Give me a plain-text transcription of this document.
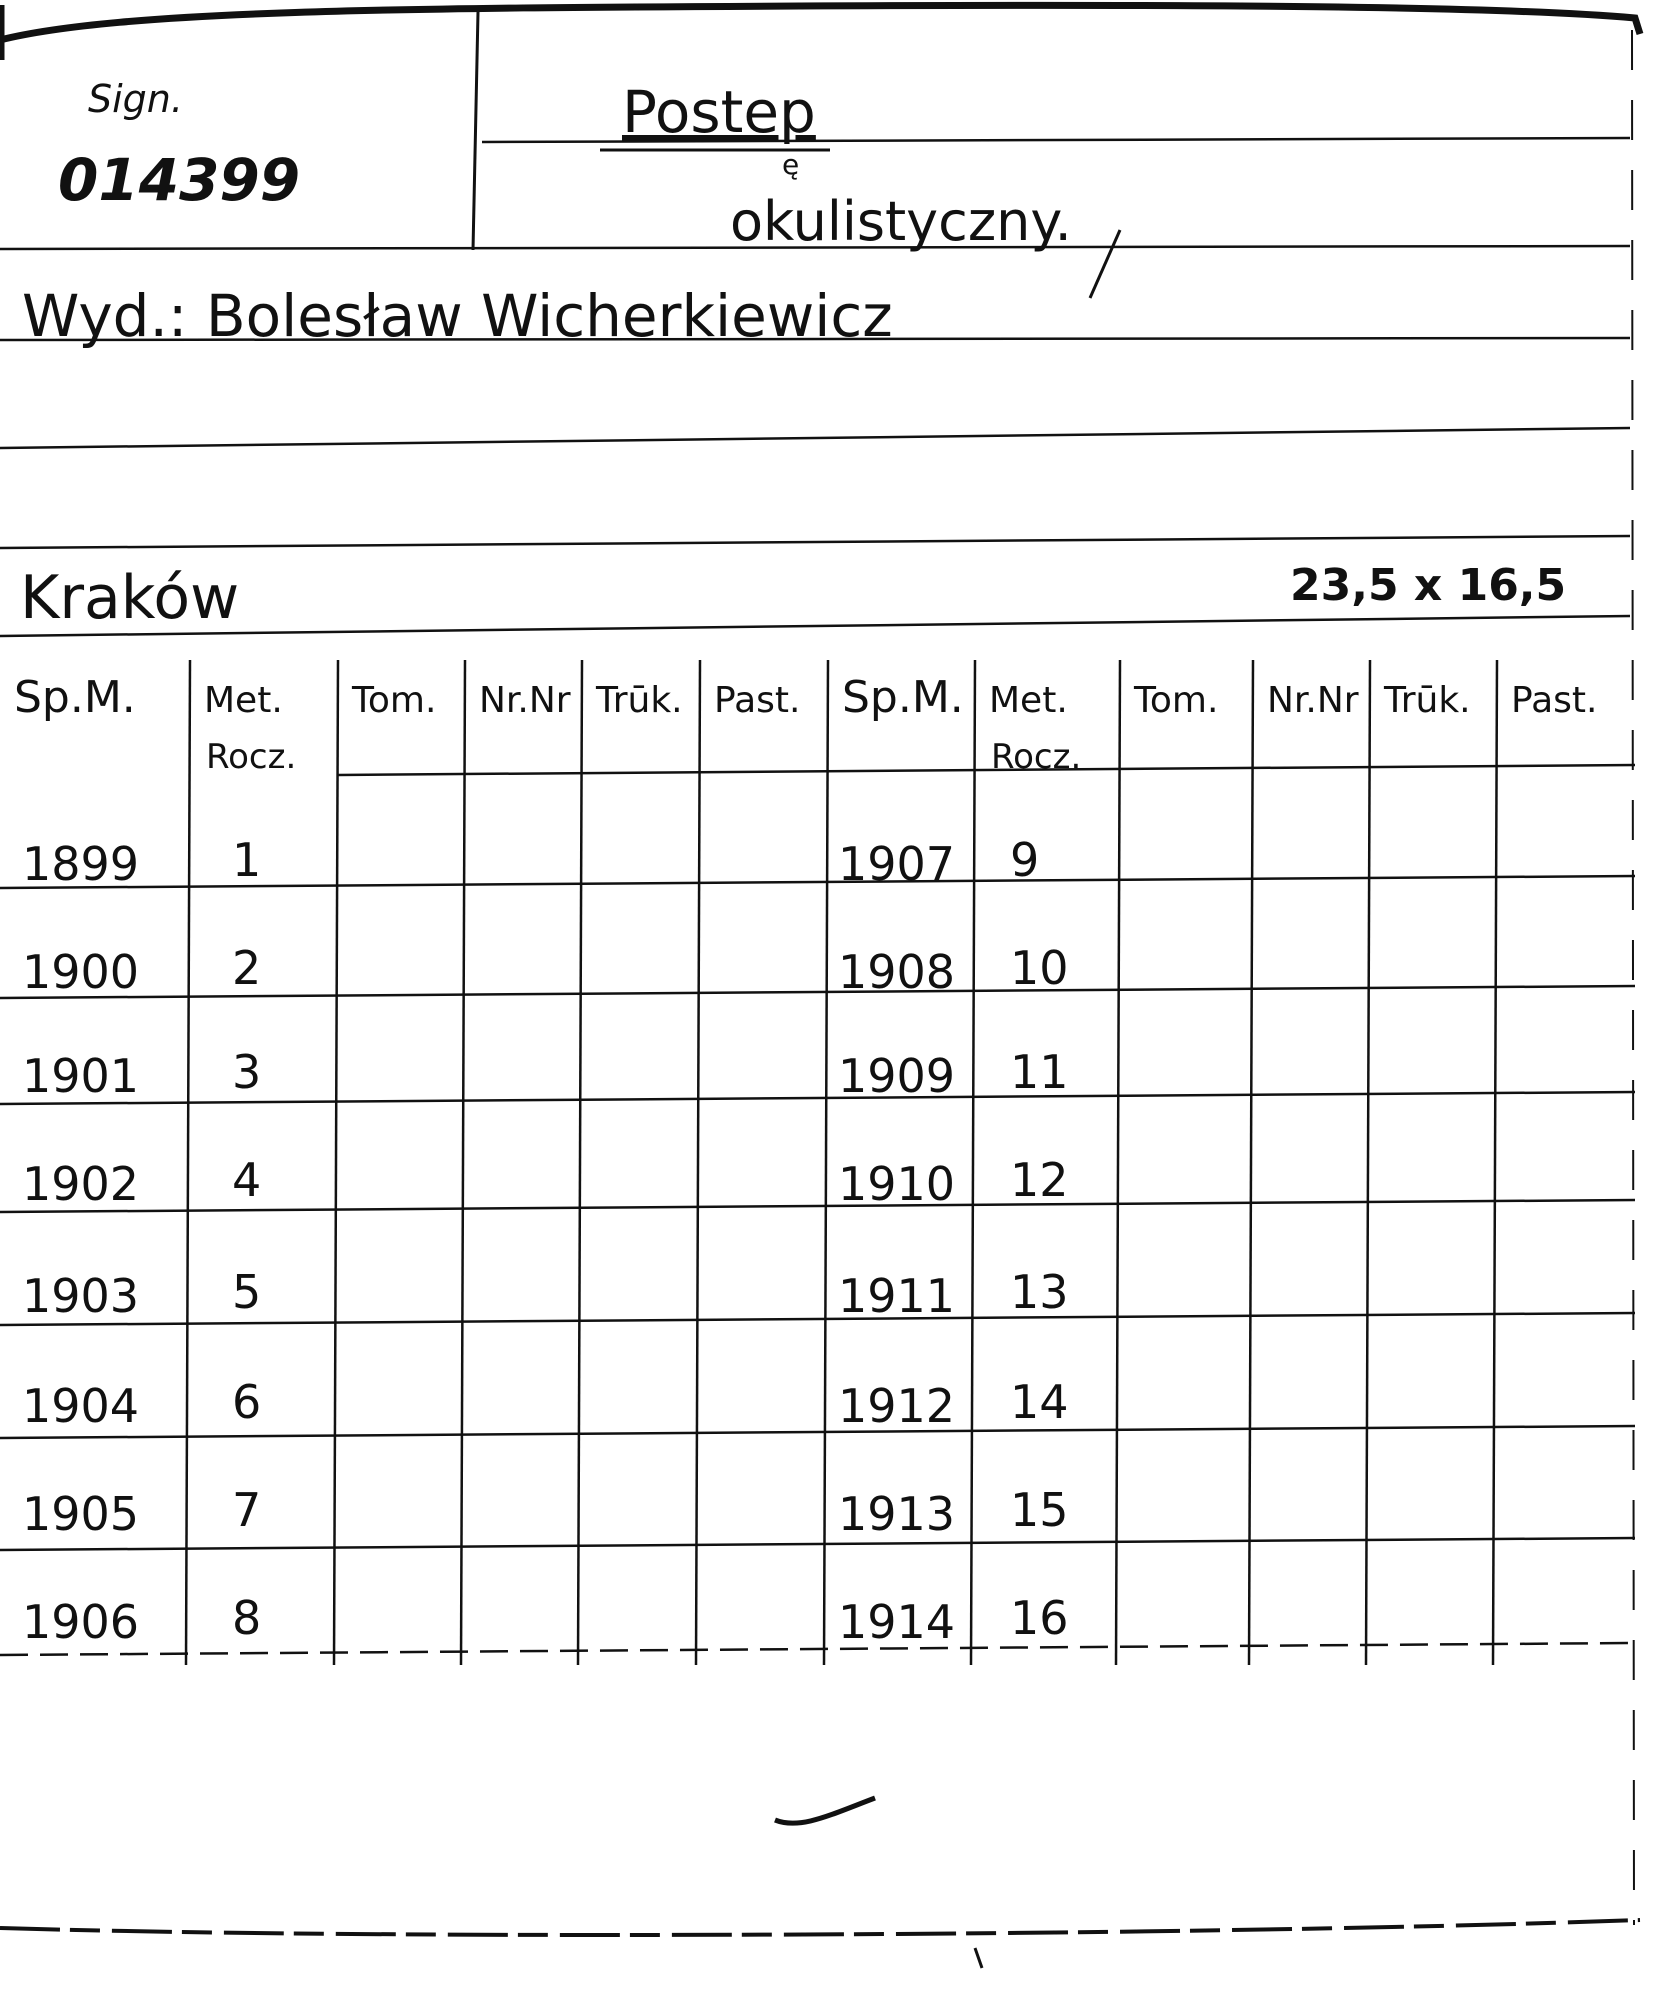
Sign.
014399
Postep
ę
okulistyczny.
Wyd.: Bolesław Wicherkiewicz
Kraków	23,5 x 16,5
Sp.M. Met.
Rocz.
Tom. Nr.Nr Trūk. Past. Sp.M. Met.
Rocz.
Tom. Nr.Nr Trūk. Past.
1899 1
1900 2
1901 3
1902 4
1903 5
1904 6
1905 7
1906 8
1907 9
1908 10
1909 11
1910 12
1911 13
1912 14
1913 15
1914 16
